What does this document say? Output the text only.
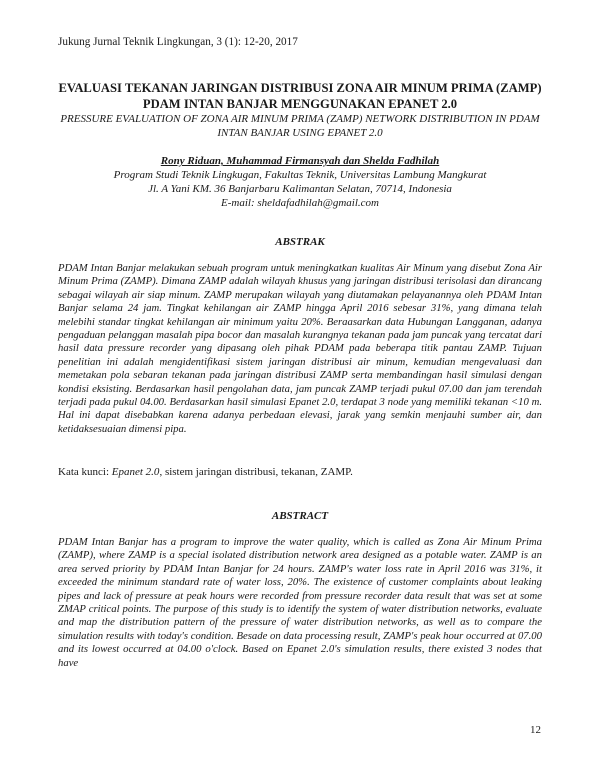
Jukung Jurnal Teknik Lingkungan, 3 (1): 12-20, 2017
EVALUASI TEKANAN JARINGAN DISTRIBUSI ZONA AIR MINUM PRIMA (ZAMP) PDAM INTAN BANJAR MENGGUNAKAN EPANET 2.0
PRESSURE EVALUATION OF ZONA AIR MINUM PRIMA (ZAMP) NETWORK DISTRIBUTION IN PDAM INTAN BANJAR USING EPANET 2.0
Rony Riduan, Muhammad Firmansyah dan Shelda Fadhilah
Program Studi Teknik Lingkugan, Fakultas Teknik, Universitas Lambung Mangkurat
Jl. A Yani KM. 36 Banjarbaru Kalimantan Selatan, 70714, Indonesia
E-mail: sheldafadhilah@gmail.com
ABSTRAK

PDAM Intan Banjar melakukan sebuah program untuk meningkatkan kualitas Air Minum yang disebut Zona Air Minum Prima (ZAMP). Dimana ZAMP adalah wilayah khusus yang jaringan distribusi terisolasi dan dirancang sebagai wilayah air siap minum. ZAMP merupakan wilayah yang diutamakan pelayanannya oleh PDAM Intan Banjar selama 24 jam. Tingkat kehilangan air ZAMP hingga April 2016 sebesar 31%, yang dimana telah melebihi standar tingkat kehilangan air minimum yaitu 20%. Beraasarkan data Hubungan Langganan, adanya pengaduan pelanggan masalah pipa bocor dan masalah kurangnya tekanan pada jam puncak yang tercatat dari hasil data pressure recorder yang dipasang oleh pihak PDAM pada beberapa titik pantau ZAMP. Tujuan penelitian ini adalah mengidentifikasi sistem jaringan distribusi air minum, kemudian mengevaluasi dan memetakan pola sebaran tekanan pada jaringan distribusi ZAMP serta membandingan hasil simulasi dengan kondisi eksisting. Berdasarkan hasil pengolahan data, jam puncak ZAMP terjadi pukul 07.00 dan jam terendah terjadi pada pukul 04.00. Berdasarkan hasil simulasi Epanet 2.0, terdapat 3 node yang memiliki tekanan <10 m. Hal ini dapat disebabkan karena adanya perbedaan elevasi, jarak yang semkin menjauhi sumber air, dan ketidaksesuaian dimensi pipa.

Kata kunci: Epanet 2.0, sistem jaringan distribusi, tekanan, ZAMP.
ABSTRACT

PDAM Intan Banjar has a program to improve the water quality, which is called as Zona Air Minum Prima (ZAMP), where ZAMP is a special isolated distribution network area designed as a potable water. ZAMP is an area served priority by PDAM Intan Banjar for 24 hours. ZAMP's water loss rate in April 2016 was 31%, it exceeded the minimum standard rate of water loss, 20%. The existence of customer complaints about leaking pipes and lack of pressure at peak hours were recorded from pressure recorder data result that was set at some ZMAP critical points. The purpose of this study is to identify the system of water distribution networks, evaluate and map the distribution pattern of the pressure of water distribution networks, as well as to compare the simulation results with today's condition. Besade on data processing result, ZAMP's peak hour occurred at 07.00 and its lowest occurred at 04.00 o'clock. Based on Epanet 2.0's simulation results, there existed 3 nodes that have

12
